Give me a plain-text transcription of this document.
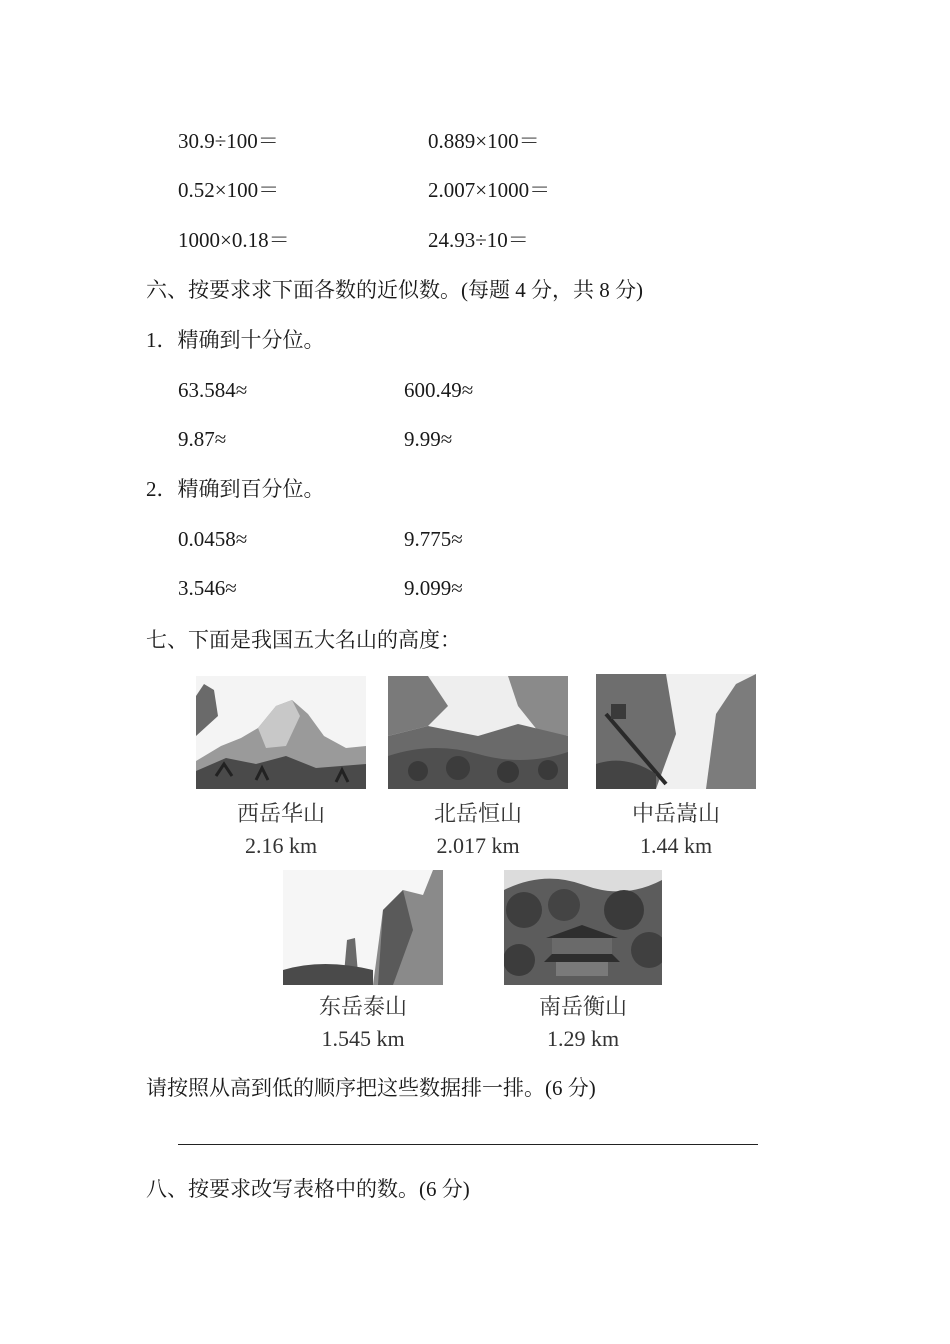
30.9÷100＝	0.889×100＝
0.52×100＝	2.007×1000＝
1000×0.18＝	24.93÷10＝
六、按要求求下面各数的近似数。(每题 4 分，共 8 分)
1．精确到十分位。
63.584≈	600.49≈
9.87≈	9.99≈
2．精确到百分位。
0.0458≈	9.775≈
3.546≈	9.099≈
七、下面是我国五大名山的高度：
西岳华山
2.16 km
北岳恒山
2.017 km
中岳嵩山
1.44 km
东岳泰山
1.545 km
南岳衡山
1.29 km
请按照从高到低的顺序把这些数据排一排。(6 分)
八、按要求改写表格中的数。(6 分)
